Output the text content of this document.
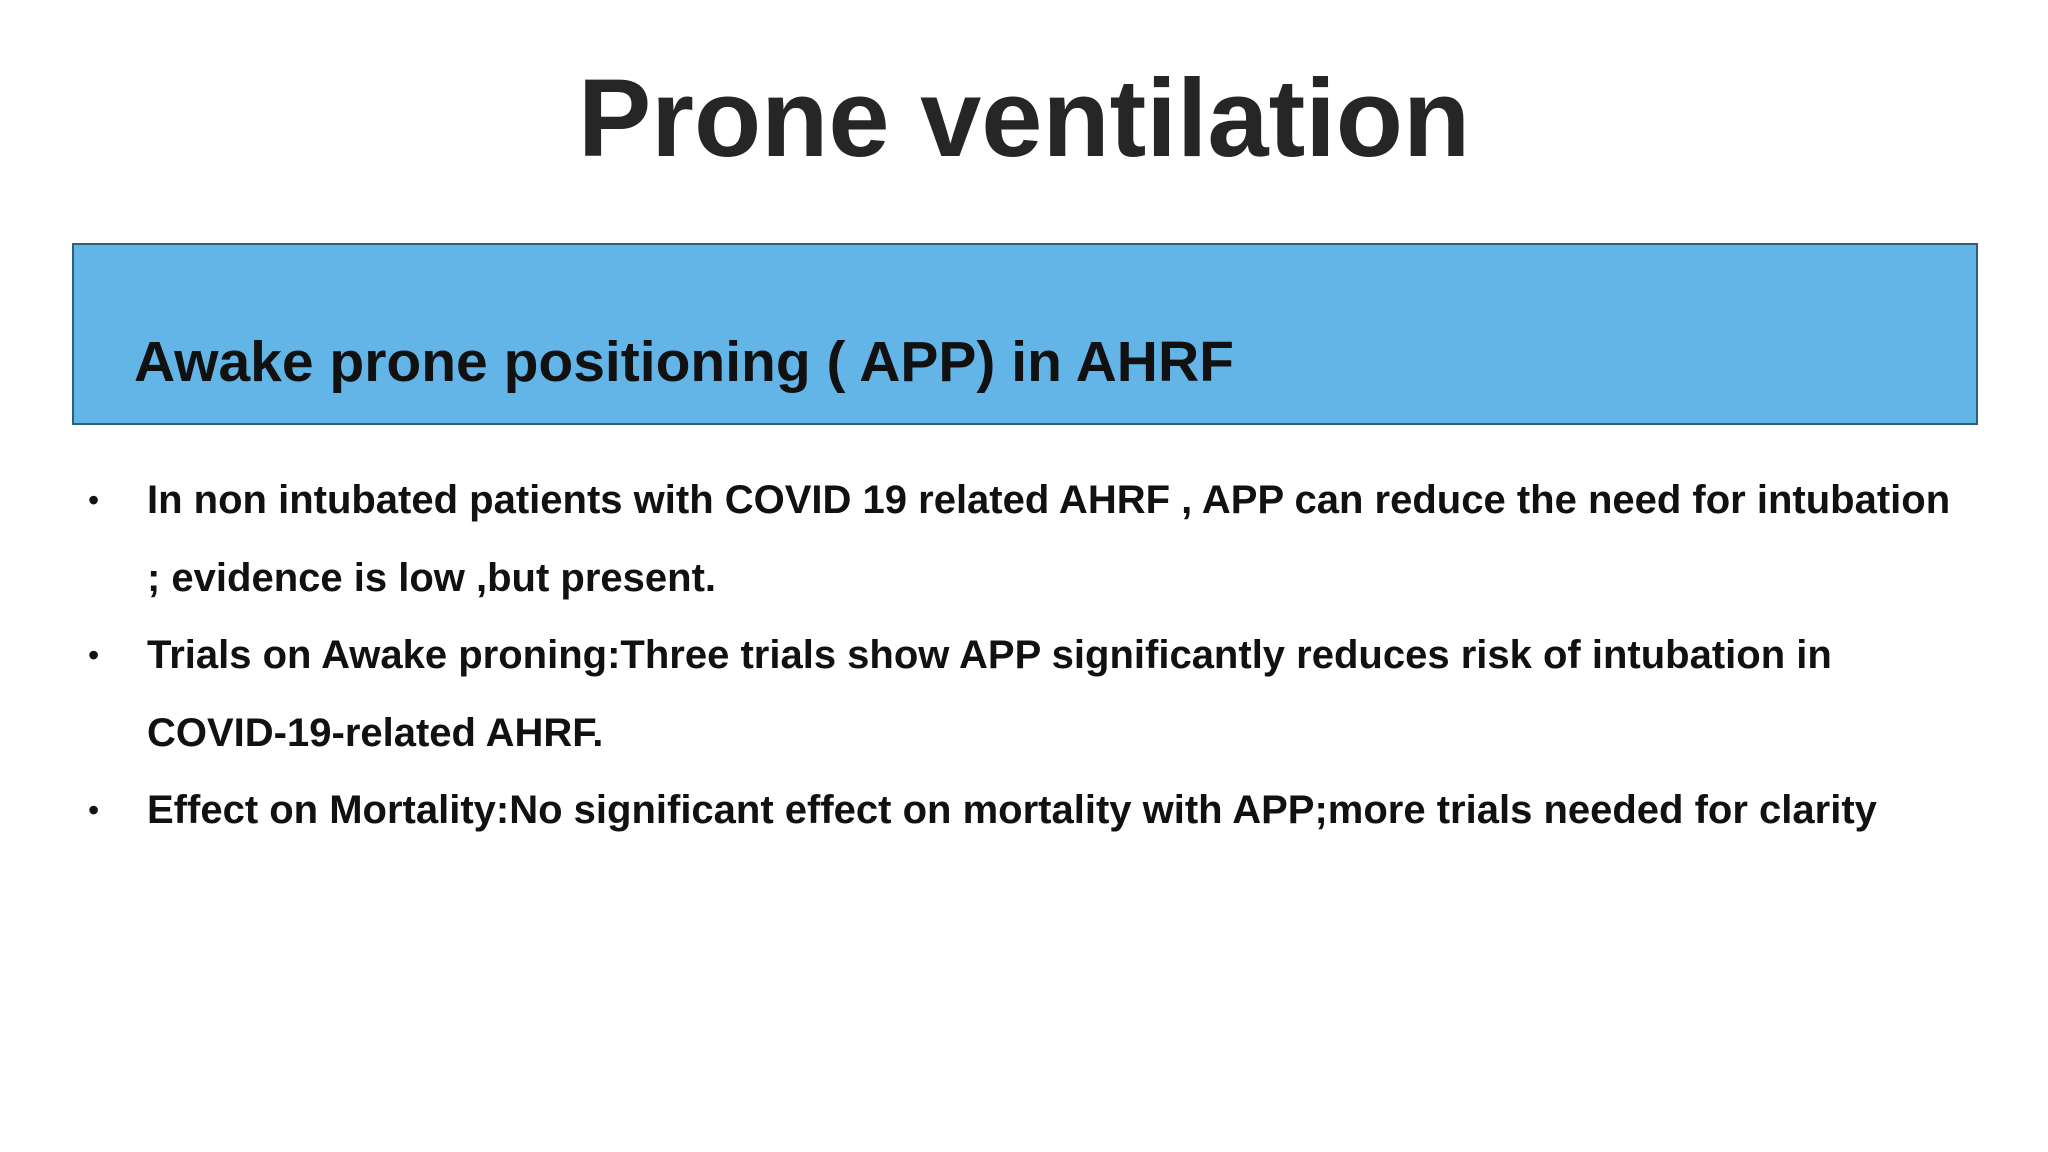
Prone ventilation
Awake prone positioning ( APP) in AHRF
• In non intubated patients with COVID 19 related AHRF , APP can reduce the need for intubation ; evidence is low ,but present.
• Trials on Awake proning:Three trials show APP significantly reduces risk of intubation in COVID-19-related AHRF.
• Effect on Mortality:No significant effect on mortality with APP;more trials needed for clarity
